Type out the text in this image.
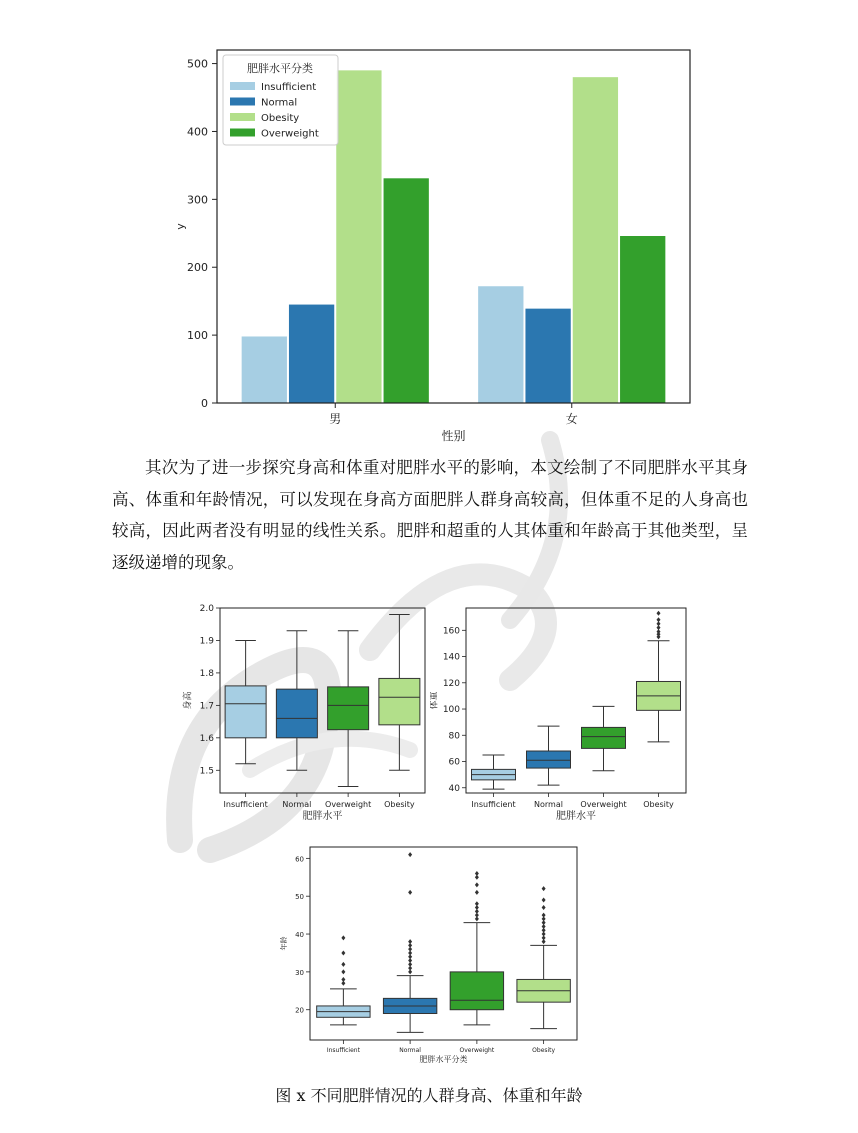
0
100
200
300
400
500
男	女
性别
y
肥胖水平分类
Insufficient
Normal
Obesity
Overweight
1.5
1.6
1.7
1.8
1.9
2.0
Insufficient Normal Overweight Obesity
肥胖水平
身高
40
60
80
100
120
140
160
Insufficient Normal Overweight Obesity
肥胖水平
体重
20
30
40
50
60
Insufficient	Normal	Overweight	Obesity
肥胖水平分类
年龄
其次为了进一步探究身高和体重对肥胖水平的影响，本文绘制了不同肥胖水平其身高、体重和年龄情况，可以发现在身高方面肥胖人群身高较高，但体重不足的人身高也较高，因此两者没有明显的线性关系。肥胖和超重的人其体重和年龄高于其他类型，呈逐级递增的现象。
图 x 不同肥胖情况的人群身高、体重和年龄
